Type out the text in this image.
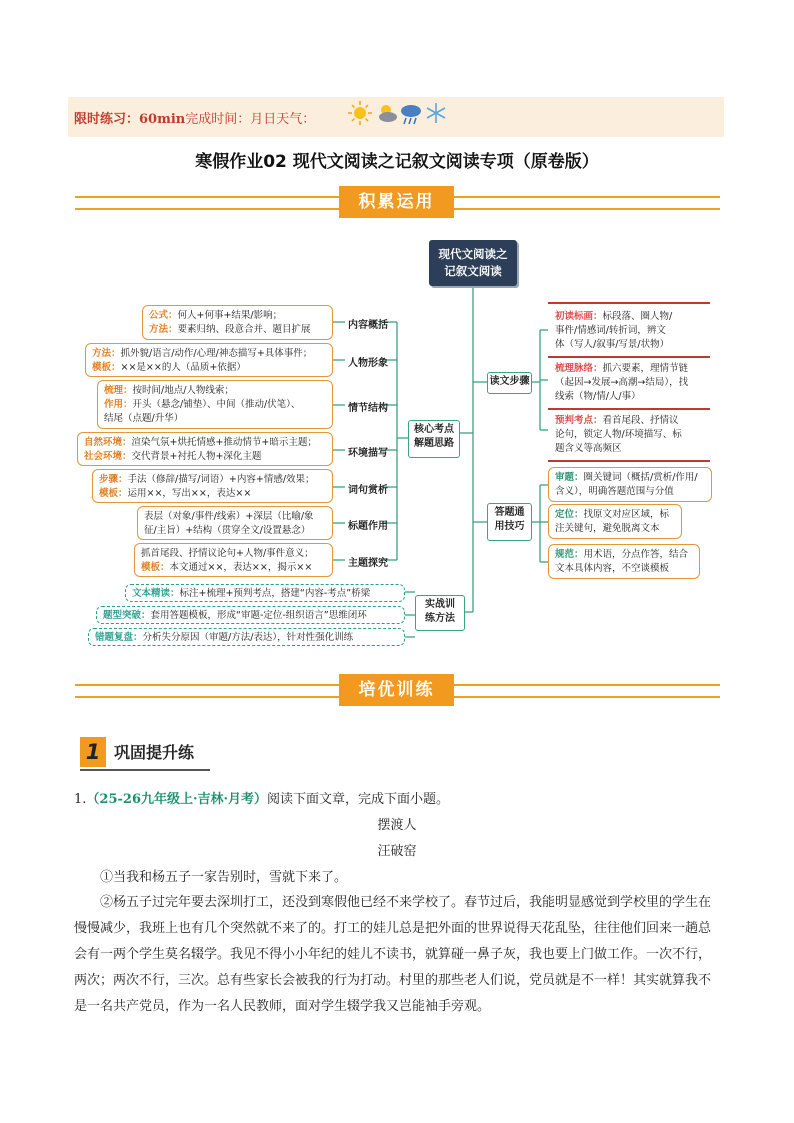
限时练习：60min完成时间：月日天气：
寒假作业02 现代文阅读之记叙文阅读专项（原卷版）
积累运用
现代文阅读之
记叙文阅读
核心考点
解题思路
实战训
练方法
读文步骤
答题通
用技巧
内容概括
人物形象
情节结构
环境描写
词句赏析
标题作用
主题探究
公式：何人+何事+结果/影响；
方法：要素归纳、段意合并、题目扩展
方法：抓外貌/语言/动作/心理/神态描写+具体事件；
模板：××是××的人（品质+依据）
梳理：按时间/地点/人物线索；
作用：开头（悬念/铺垫）、中间（推动/伏笔）、
结尾（点题/升华）
自然环境：渲染气氛+烘托情感+推动情节+暗示主题；
社会环境：交代背景+衬托人物+深化主题
步骤：手法（修辞/描写/词语）+内容+情感/效果；
模板：运用××，写出××，表达××
表层（对象/事件/线索）+深层（比喻/象
征/主旨）+结构（贯穿全文/设置悬念）
抓首尾段、抒情议论句+人物/事件意义；
模板：本文通过××，表达××，揭示××
文本精读：标注+梳理+预判考点，搭建“内容-考点”桥梁
题型突破：套用答题模板，形成“审题-定位-组织语言”思维闭环
错题复盘：分析失分原因（审题/方法/表达），针对性强化训练
初读标画：标段落、圈人物/
事件/情感词/转折词，辨文
体（写人/叙事/写景/状物）
梳理脉络：抓六要素，理情节链
（起因→发展→高潮→结局），找
线索（物/情/人/事）
预判考点：看首尾段、抒情议
论句，锁定人物/环境描写、标
题含义等高频区
审题：圈关键词（概括/赏析/作用/
含义），明确答题范围与分值
定位：找原文对应区域，标
注关键句，避免脱离文本
规范：用术语，分点作答，结合
文本具体内容，不空谈模板
培优训练
1 巩固提升练
1.（25-26九年级上·吉林·月考）阅读下面文章，完成下面小题。
摆渡人
汪破窑
①当我和杨五子一家告别时，雪就下来了。
②杨五子过完年要去深圳打工，还没到寒假他已经不来学校了。春节过后，我能明显感觉到学校里的学生在慢慢减少，我班上也有几个突然就不来了的。打工的娃儿总是把外面的世界说得天花乱坠，往往他们回来一趟总会有一两个学生莫名辍学。我见不得小小年纪的娃儿不读书，就算碰一鼻子灰，我也要上门做工作。一次不行，两次；两次不行，三次。总有些家长会被我的行为打动。村里的那些老人们说，党员就是不一样！其实就算我不是一名共产党员，作为一名人民教师，面对学生辍学我又岂能袖手旁观。
